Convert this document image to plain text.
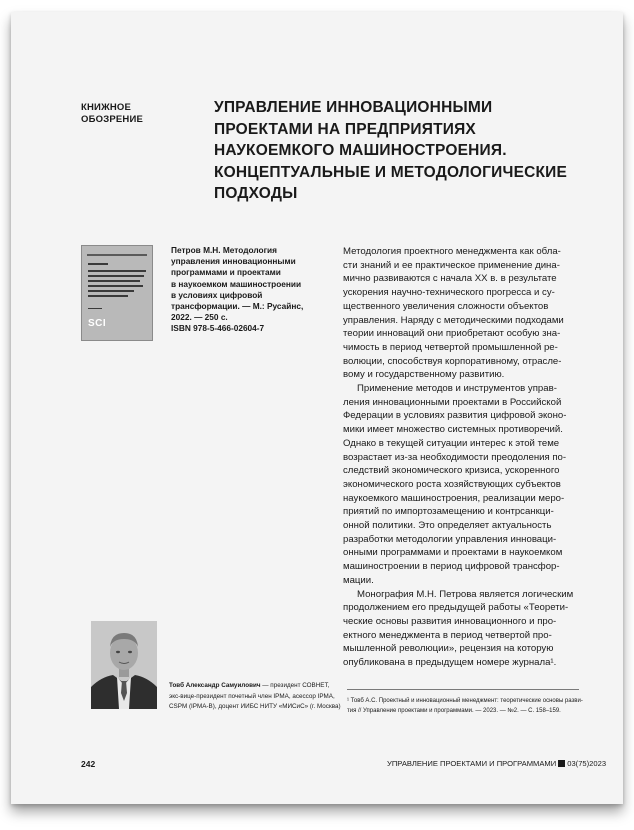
КНИЖНОЕ
ОБОЗРЕНИЕ
УПРАВЛЕНИЕ ИННОВАЦИОННЫМИ
ПРОЕКТАМИ НА ПРЕДПРИЯТИЯХ
НАУКОЕМКОГО МАШИНОСТРОЕНИЯ.
КОНЦЕПТУАЛЬНЫЕ И МЕТОДОЛОГИЧЕСКИЕ
ПОДХОДЫ
SCI
Петров М.Н. Методология
управления инновационными
программами и проектами
в наукоемком машиностроении
в условиях цифровой
трансформации. — М.: Русайнс,
2022. — 250 с.
ISBN 978-5-466-02604-7
Товб Александр Самуилович — президент СОВНЕТ,
экс-вице-президент почетный член IPMA, асессор IPMA,
CSPM (IPMA-B), доцент ИИБС НИТУ «МИСиС» (г. Москва)
Методология проектного менеджмента как обла-
сти знаний и ее практическое применение дина-
мично развиваются с начала XX в. в результате
ускорения научно-технического прогресса и су-
щественного увеличения сложности объектов
управления. Наряду с методическими подходами
теории инноваций они приобретают особую зна-
чимость в период четвертой промышленной ре-
волюции, способствуя корпоративному, отрасле-
вому и государственному развитию.
Применение методов и инструментов управ-
ления инновационными проектами в Российской
Федерации в условиях развития цифровой эконо-
мики имеет множество системных противоречий.
Однако в текущей ситуации интерес к этой теме
возрастает из-за необходимости преодоления по-
следствий экономического кризиса, ускоренного
экономического роста хозяйствующих субъектов
наукоемкого машиностроения, реализации меро-
приятий по импортозамещению и контрсанкци-
онной политики. Это определяет актуальность
разработки методологии управления инноваци-
онными программами и проектами в наукоемком
машиностроении в период цифровой трансфор-
мации.
Монография М.Н. Петрова является логическим
продолжением его предыдущей работы «Теорети-
ческие основы развития инновационного и про-
ектного менеджмента в период четвертой про-
мышленной революции», рецензия на которую
опубликована в предыдущем номере журнала¹.
¹ Товб А.С. Проектный и инновационный менеджмент: теоретические основы разви-
тия // Управление проектами и программами. — 2023. — №2. — С. 158–159.
242	УПРАВЛЕНИЕ ПРОЕКТАМИ И ПРОГРАММАМИ 03(75)2023
